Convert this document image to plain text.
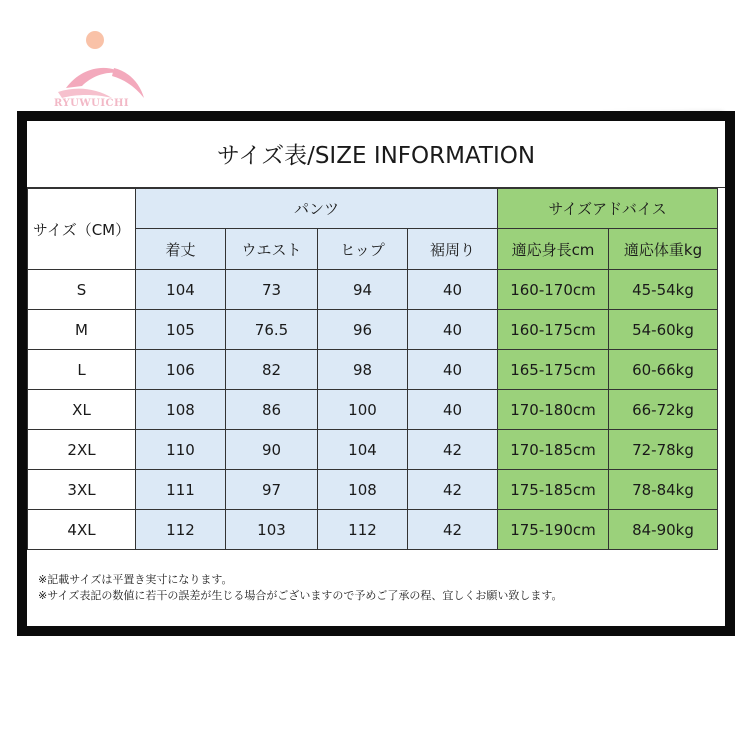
RYUWUICHI
サイズ表/SIZE INFORMATION
サイズ（CM）	パンツ				サイズアドバイス	
	着丈	ウエスト	ヒップ	裾周り	適応身長cm	適応体重kg
S	104	73	94	40	160-170cm	45-54kg
M	105	76.5	96	40	160-175cm	54-60kg
L	106	82	98	40	165-175cm	60-66kg
XL	108	86	100	40	170-180cm	66-72kg
2XL	110	90	104	42	170-185cm	72-78kg
3XL	111	97	108	42	175-185cm	78-84kg
4XL	112	103	112	42	175-190cm	84-90kg
※記載サイズは平置き実寸になります。
※サイズ表記の数値に若干の誤差が生じる場合がございますので予めご了承の程、宜しくお願い致します。
